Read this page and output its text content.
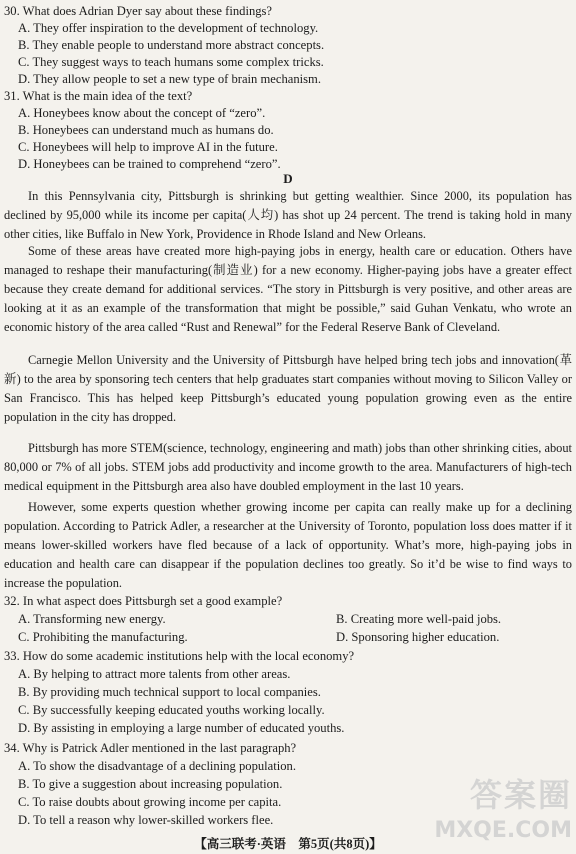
30. What does Adrian Dyer say about these findings?
A. They offer inspiration to the development of technology.
B. They enable people to understand more abstract concepts.
C. They suggest ways to teach humans some complex tricks.
D. They allow people to set a new type of brain mechanism.
31. What is the main idea of the text?
A. Honeybees know about the concept of “zero”.
B. Honeybees can understand much as humans do.
C. Honeybees will help to improve AI in the future.
D. Honeybees can be trained to comprehend “zero”.
D
In this Pennsylvania city, Pittsburgh is shrinking but getting wealthier. Since 2000, its population has declined by 95,000 while its income per capita(人均) has shot up 24 percent. The trend is taking hold in many other cities, like Buffalo in New York, Providence in Rhode Island and New Orleans.
Some of these areas have created more high-paying jobs in energy, health care or education. Others have managed to reshape their manufacturing(制造业) for a new economy. Higher-paying jobs have a greater effect because they create demand for additional services. “The story in Pittsburgh is very positive, and other areas are looking at it as an example of the transformation that might be possible,” said Guhan Venkatu, who wrote an economic history of the area called “Rust and Renewal” for the Federal Reserve Bank of Cleveland.
Carnegie Mellon University and the University of Pittsburgh have helped bring tech jobs and innovation(革新) to the area by sponsoring tech centers that help graduates start companies without moving to Silicon Valley or San Francisco. This has helped keep Pittsburgh’s educated young population growing even as the entire population in the city has dropped.
Pittsburgh has more STEM(science, technology, engineering and math) jobs than other shrinking cities, about 80,000 or 7% of all jobs. STEM jobs add productivity and income growth to the area. Manufacturers of high-tech medical equipment in the Pittsburgh area also have doubled employment in the last 10 years.
However, some experts question whether growing income per capita can really make up for a declining population. According to Patrick Adler, a researcher at the University of Toronto, population loss does matter if it means lower-skilled workers have fled because of a lack of opportunity. What’s more, high-paying jobs in education and health care can disappear if the population declines too greatly. So it’d be wise to find ways to increase the population.
32. In what aspect does Pittsburgh set a good example?
A. Transforming new energy.	B. Creating more well-paid jobs.
C. Prohibiting the manufacturing.	D. Sponsoring higher education.
33. How do some academic institutions help with the local economy?
A. By helping to attract more talents from other areas.
B. By providing much technical support to local companies.
C. By successfully keeping educated youths working locally.
D. By assisting in employing a large number of educated youths.
34. Why is Patrick Adler mentioned in the last paragraph?
A. To show the disadvantage of a declining population.
B. To give a suggestion about increasing population.
C. To raise doubts about growing income per capita.
D. To tell a reason why lower-skilled workers flee.
答案圈
MXQE.COM
【高三联考·英语　第5页(共8页)】
